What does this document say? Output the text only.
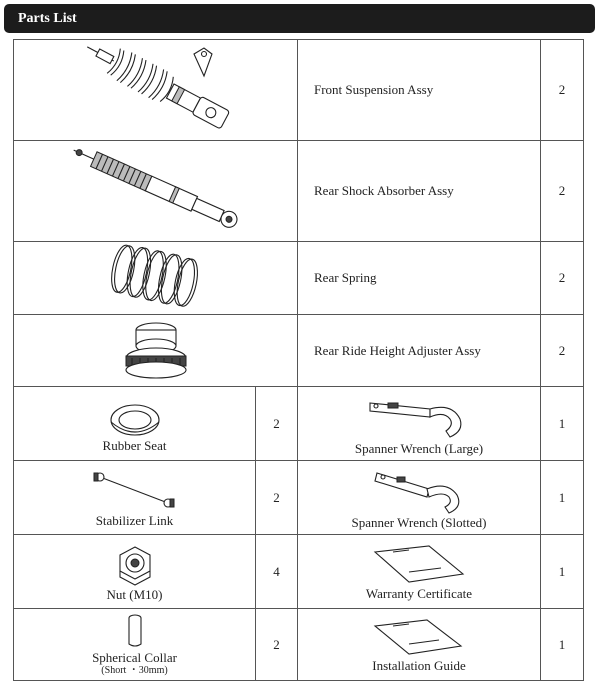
Parts List
	Front Suspension Assy	2
	Rear Shock Absorber Assy	2
	Rear Spring	2
	Rear Ride Height Adjuster Assy	2

Rubber Seat	2	Spanner Wrench (Large)	1

Stabilizer Link	2	Spanner Wrench (Slotted)	1

Nut (M10)	4	Warranty Certificate	1

Spherical Collar
(Short ・30mm)	2	Installation Guide	1
